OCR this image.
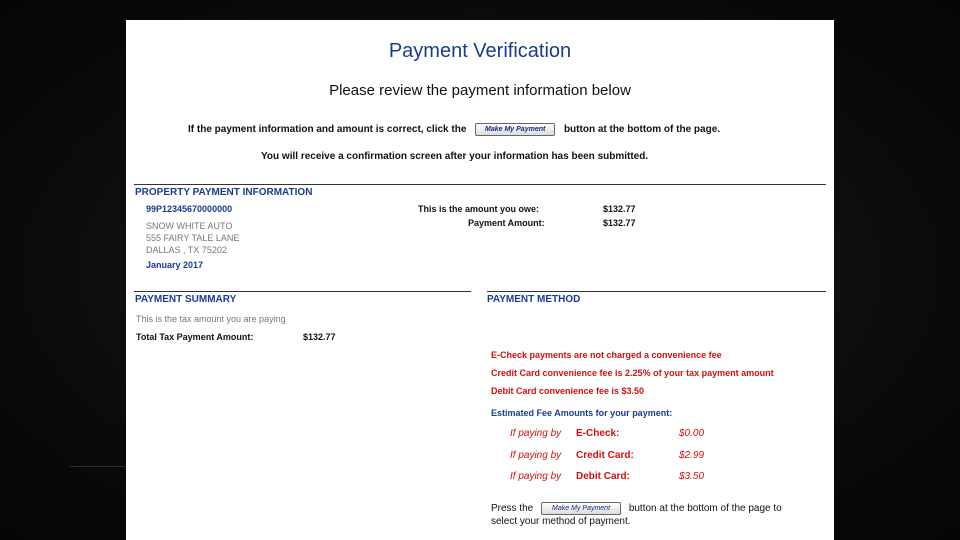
Payment Verification
Please review the payment information below
If the payment information and amount is correct, click the	Make My Payment button at the bottom of the page.
You will receive a confirmation screen after your information has been submitted.
PROPERTY PAYMENT INFORMATION
99P12345670000000
SNOW WHITE AUTO
555 FAIRY TALE LANE
DALLAS , TX 75202
January 2017
This is the amount you owe:	$132.77
Payment Amount:	$132.77
PAYMENT SUMMARY
This is the tax amount you are paying
Total Tax Payment Amount:	$132.77
PAYMENT METHOD
E-Check payments are not charged a convenience fee
Credit Card convenience fee is 2.25% of your tax payment amount
Debit Card convenience fee is $3.50
Estimated Fee Amounts for your payment:
If paying by E-Check:	$0.00
If paying by Credit Card:	$2.99
If paying by Debit Card:	$3.50
Press the	Make My Payment button at the bottom of the page to
select your method of payment.
